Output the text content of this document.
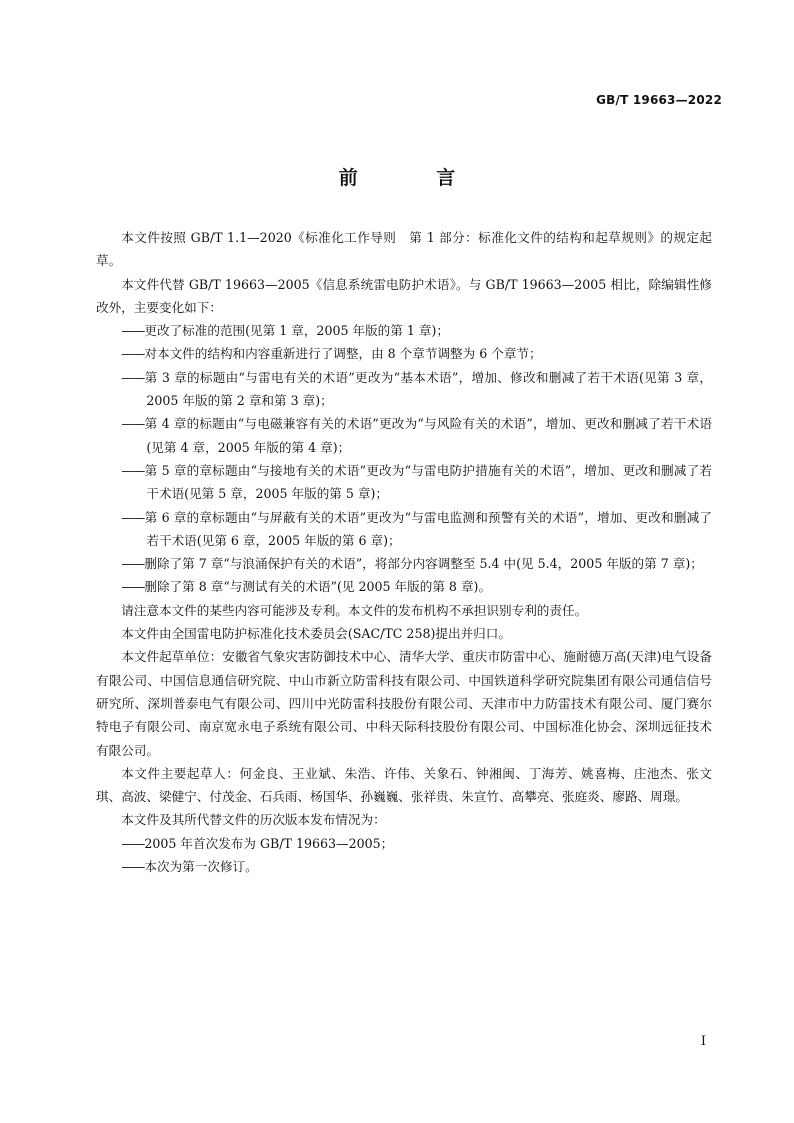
GB/T 19663—2022
前 言

本文件按照 GB/T 1.1—2020《标准化工作导则　第 1 部分：标准化文件的结构和起草规则》的规定起草。

本文件代替 GB/T 19663—2005《信息系统雷电防护术语》。与 GB/T 19663—2005 相比，除编辑性修改外，主要变化如下：

——更改了标准的范围(见第 1 章，2005 年版的第 1 章)；

——对本文件的结构和内容重新进行了调整，由 8 个章节调整为 6 个章节；

——第 3 章的标题由“与雷电有关的术语”更改为“基本术语”，增加、修改和删减了若干术语(见第 3 章，2005 年版的第 2 章和第 3 章)；

——第 4 章的标题由“与电磁兼容有关的术语”更改为“与风险有关的术语”，增加、更改和删减了若干术语(见第 4 章，2005 年版的第 4 章)；

——第 5 章的章标题由“与接地有关的术语”更改为“与雷电防护措施有关的术语”，增加、更改和删减了若干术语(见第 5 章，2005 年版的第 5 章)；

——第 6 章的章标题由“与屏蔽有关的术语”更改为“与雷电监测和预警有关的术语”，增加、更改和删减了若干术语(见第 6 章，2005 年版的第 6 章)；

——删除了第 7 章“与浪涌保护有关的术语”，将部分内容调整至 5.4 中(见 5.4，2005 年版的第 7 章)；

——删除了第 8 章“与测试有关的术语”(见 2005 年版的第 8 章)。

请注意本文件的某些内容可能涉及专利。本文件的发布机构不承担识别专利的责任。

本文件由全国雷电防护标准化技术委员会(SAC/TC 258)提出并归口。

本文件起草单位：安徽省气象灾害防御技术中心、清华大学、重庆市防雷中心、施耐德万高(天津)电气设备有限公司、中国信息通信研究院、中山市新立防雷科技有限公司、中国铁道科学研究院集团有限公司通信信号研究所、深圳普泰电气有限公司、四川中光防雷科技股份有限公司、天津市中力防雷技术有限公司、厦门赛尔特电子有限公司、南京宽永电子系统有限公司、中科天际科技股份有限公司、中国标准化协会、深圳远征技术有限公司。

本文件主要起草人：何金良、王业斌、朱浩、许伟、关象石、钟湘闽、丁海芳、姚喜梅、庄池杰、张文琪、高波、梁健宁、付茂金、石兵雨、杨国华、孙巍巍、张祥贵、朱宣竹、高攀亮、张庭炎、廖路、周璟。

本文件及其所代替文件的历次版本发布情况为：

——2005 年首次发布为 GB/T 19663—2005；

——本次为第一次修订。

I
